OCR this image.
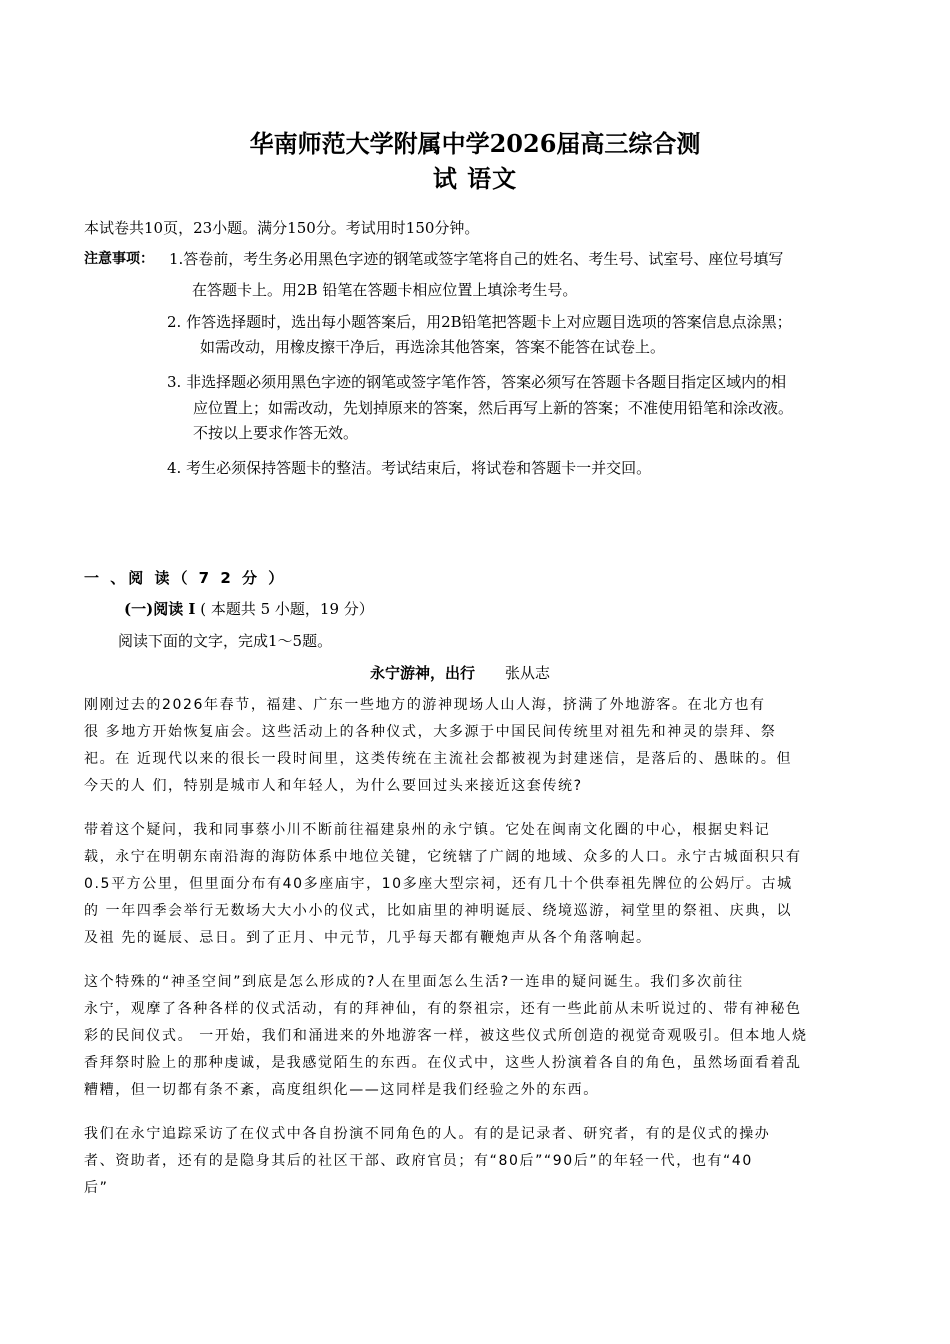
华南师范大学附属中学2026届高三综合测
试 语文
本试卷共10页，23小题。满分150分。考试用时150分钟。
注意事项： 1.答卷前，考生务必用黑色字迹的钢笔或签字笔将自己的姓名、考生号、试室号、座位号填写
在答题卡上。用2B 铅笔在答题卡相应位置上填涂考生号。
2. 作答选择题时，选出每小题答案后，用2B铅笔把答题卡上对应题目选项的答案信息点涂黑；
如需改动，用橡皮擦干净后，再选涂其他答案，答案不能答在试卷上。
3. 非选择题必须用黑色字迹的钢笔或签字笔作答，答案必须写在答题卡各题目指定区域内的相
应位置上；如需改动，先划掉原来的答案，然后再写上新的答案；不准使用铅笔和涂改液。
不按以上要求作答无效。
4. 考生必须保持答题卡的整洁。考试结束后，将试卷和答题卡一并交回。
一 、阅 读（ 7 2 分 ）
(一)阅读 I ( 本题共 5 小题，19 分）
阅读下面的文字，完成1～5题。
永宁游神，出行 张从志
刚刚过去的2026年春节，福建、广东一些地方的游神现场人山人海，挤满了外地游客。在北方也有
很 多地方开始恢复庙会。这些活动上的各种仪式，大多源于中国民间传统里对祖先和神灵的崇拜、祭
祀。在 近现代以来的很长一段时间里，这类传统在主流社会都被视为封建迷信，是落后的、愚昧的。但
今天的人 们，特别是城市人和年轻人，为什么要回过头来接近这套传统?
带着这个疑问，我和同事蔡小川不断前往福建泉州的永宁镇。它处在闽南文化圈的中心，根据史料记
载，永宁在明朝东南沿海的海防体系中地位关键，它统辖了广阔的地域、众多的人口。永宁古城面积只有
0.5平方公里，但里面分布有40多座庙宇，10多座大型宗祠，还有几十个供奉祖先牌位的公妈厅。古城
的 一年四季会举行无数场大大小小的仪式，比如庙里的神明诞辰、绕境巡游，祠堂里的祭祖、庆典，以
及祖 先的诞辰、忌日。到了正月、中元节，几乎每天都有鞭炮声从各个角落响起。
这个特殊的“神圣空间”到底是怎么形成的?人在里面怎么生活?一连串的疑问诞生。我们多次前往
永宁，观摩了各种各样的仪式活动，有的拜神仙，有的祭祖宗，还有一些此前从未听说过的、带有神秘色
彩的民间仪式。 一开始，我们和涌进来的外地游客一样，被这些仪式所创造的视觉奇观吸引。但本地人烧
香拜祭时脸上的那种虔诚，是我感觉陌生的东西。在仪式中，这些人扮演着各自的角色，虽然场面看着乱
糟糟，但一切都有条不紊，高度组织化——这同样是我们经验之外的东西。
我们在永宁追踪采访了在仪式中各自扮演不同角色的人。有的是记录者、研究者，有的是仪式的操办
者、资助者，还有的是隐身其后的社区干部、政府官员；有“80后”“90后”的年轻一代，也有“40
后”
